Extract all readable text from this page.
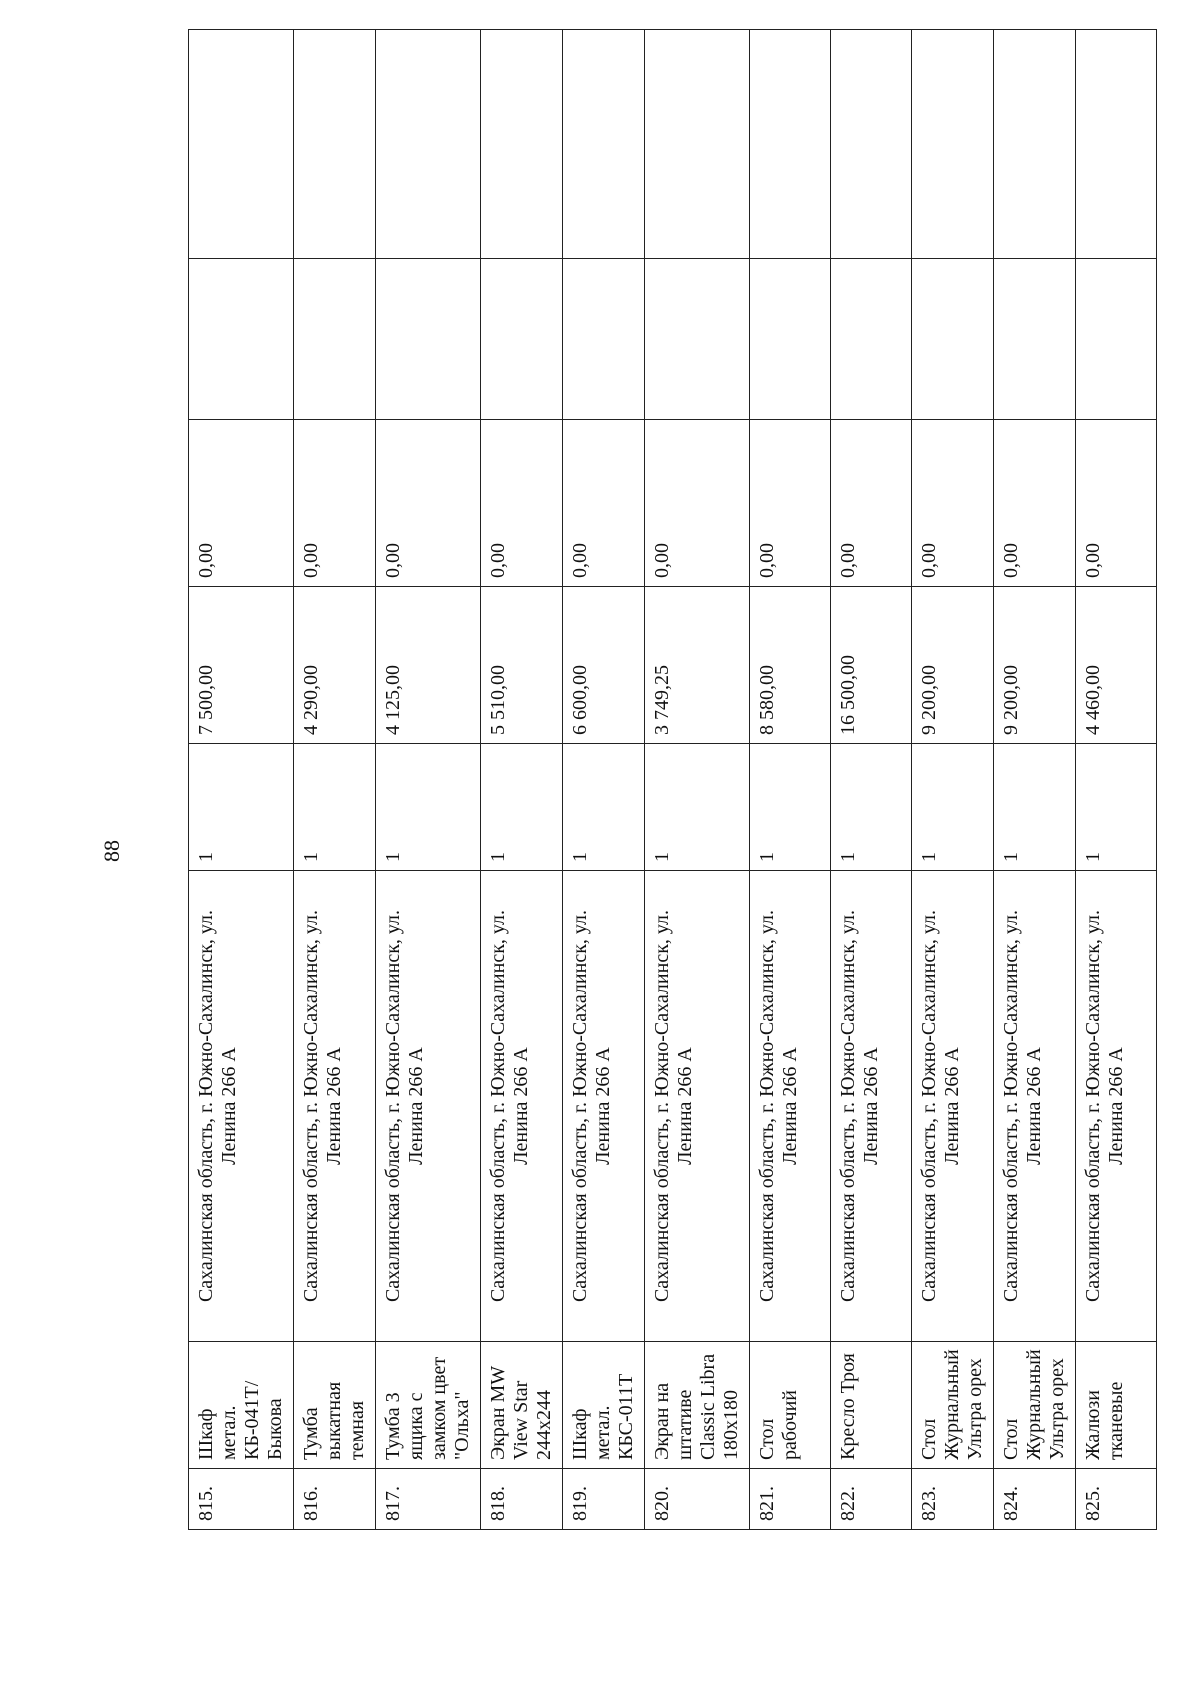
88
815.	Шкаф метал. КБ-041Т/Быкова	Сахалинская область, г. Южно-Сахалинск, ул. Ленина 266 А	1	7 500,00	0,00		
816.	Тумба выкатная темная	Сахалинская область, г. Южно-Сахалинск, ул. Ленина 266 А	1	4 290,00	0,00		
817.	Тумба 3 ящика с замком цвет "Ольха"	Сахалинская область, г. Южно-Сахалинск, ул. Ленина 266 А	1	4 125,00	0,00		
818.	Экран MW View Star 244x244	Сахалинская область, г. Южно-Сахалинск, ул. Ленина 266 А	1	5 510,00	0,00		
819.	Шкаф метал. КБС-011Т	Сахалинская область, г. Южно-Сахалинск, ул. Ленина 266 А	1	6 600,00	0,00		
820.	Экран на штативе Classic Libra 180x180	Сахалинская область, г. Южно-Сахалинск, ул. Ленина 266 А	1	3 749,25	0,00		
821.	Стол рабочий	Сахалинская область, г. Южно-Сахалинск, ул. Ленина 266 А	1	8 580,00	0,00		
822.	Кресло Троя	Сахалинская область, г. Южно-Сахалинск, ул. Ленина 266 А	1	16 500,00	0,00		
823.	Стол Журнальный Ультра орех	Сахалинская область, г. Южно-Сахалинск, ул. Ленина 266 А	1	9 200,00	0,00		
824.	Стол Журнальный Ультра орех	Сахалинская область, г. Южно-Сахалинск, ул. Ленина 266 А	1	9 200,00	0,00		
825.	Жалюзи тканевые	Сахалинская область, г. Южно-Сахалинск, ул. Ленина 266 А	1	4 460,00	0,00		
